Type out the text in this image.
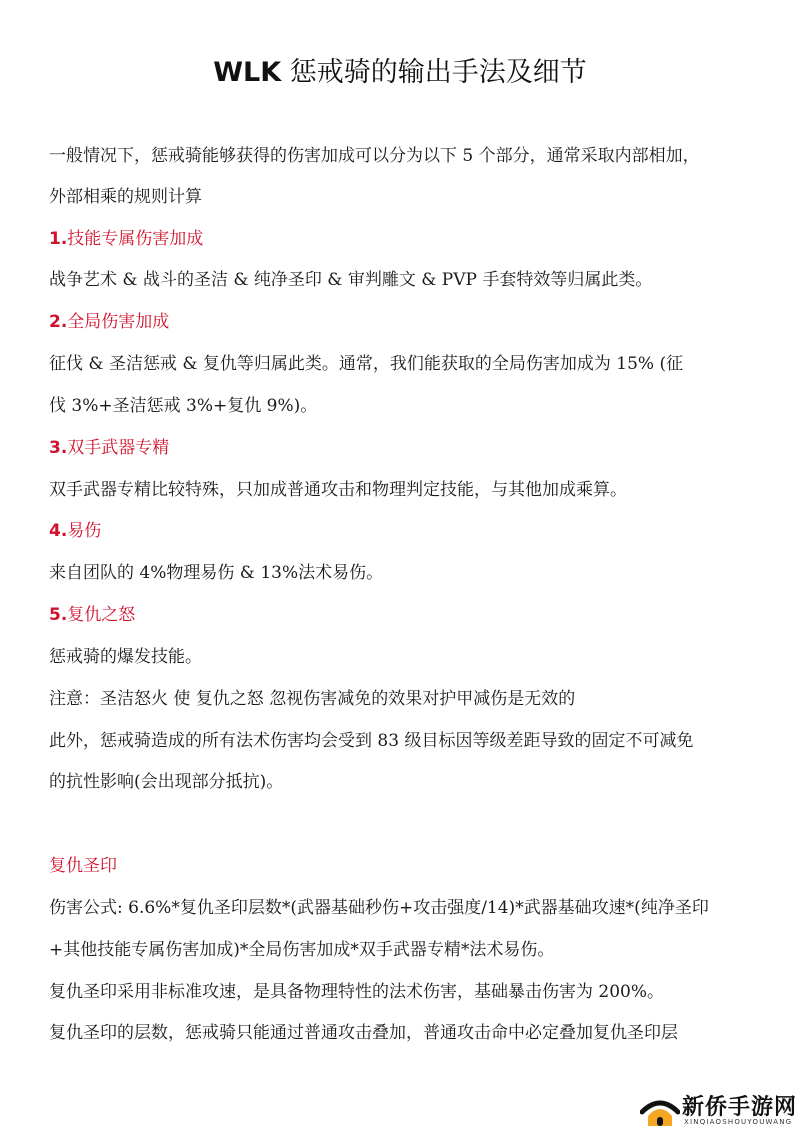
WLK 惩戒骑的输出手法及细节
一般情况下，惩戒骑能够获得的伤害加成可以分为以下 5 个部分，通常采取内部相加，
外部相乘的规则计算
1.技能专属伤害加成
战争艺术 & 战斗的圣洁 & 纯净圣印 & 审判雕文 & PVP 手套特效等归属此类。
2.全局伤害加成
征伐 & 圣洁惩戒 & 复仇等归属此类。通常，我们能获取的全局伤害加成为 15% (征
伐 3%+圣洁惩戒 3%+复仇 9%)。
3.双手武器专精
双手武器专精比较特殊，只加成普通攻击和物理判定技能，与其他加成乘算。
4.易伤
来自团队的 4%物理易伤 & 13%法术易伤。
5.复仇之怒
惩戒骑的爆发技能。
注意：圣洁怒火 使 复仇之怒 忽视伤害减免的效果对护甲减伤是无效的
此外，惩戒骑造成的所有法术伤害均会受到 83 级目标因等级差距导致的固定不可减免
的抗性影响(会出现部分抵抗)。
复仇圣印
伤害公式: 6.6%*复仇圣印层数*(武器基础秒伤+攻击强度/14)*武器基础攻速*(纯净圣印
+其他技能专属伤害加成)*全局伤害加成*双手武器专精*法术易伤。
复仇圣印采用非标准攻速，是具备物理特性的法术伤害，基础暴击伤害为 200%。
复仇圣印的层数，惩戒骑只能通过普通攻击叠加，普通攻击命中必定叠加复仇圣印层
新侨手游网
XINQIAOSHOUYOUWANG
